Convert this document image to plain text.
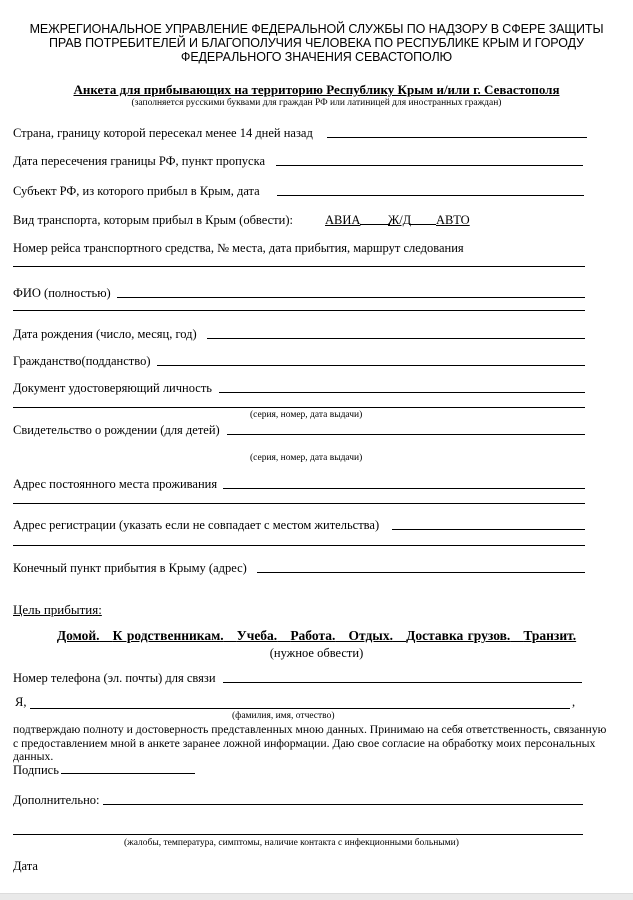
МЕЖРЕГИОНАЛЬНОЕ УПРАВЛЕНИЕ ФЕДЕРАЛЬНОЙ СЛУЖБЫ ПО НАДЗОРУ В СФЕРЕ ЗАЩИТЫ
ПРАВ ПОТРЕБИТЕЛЕЙ И БЛАГОПОЛУЧИЯ ЧЕЛОВЕКА ПО РЕСПУБЛИКЕ КРЫМ И ГОРОДУ
ФЕДЕРАЛЬНОГО ЗНАЧЕНИЯ СЕВАСТОПОЛЮ
Анкета для прибывающих на территорию Республику Крым и/или г. Севастополя
(заполняется русскими буквами для граждан РФ или латиницей для иностранных граждан)
Страна, границу которой пересекал менее 14 дней назад
Дата пересечения границы РФ, пункт пропуска
Субъект РФ, из которого прибыл в Крым, дата
Вид транспорта, которым прибыл в Крым (обвести):	АВИА Ж/Д АВТО
Номер рейса транспортного средства, № места, дата прибытия, маршрут следования
ФИО (полностью)
Дата рождения (число, месяц, год)
Гражданство(подданство)
Документ удостоверяющий личность
(серия, номер, дата выдачи)
Свидетельство о рождении (для детей)
(серия, номер, дата выдачи)
Адрес постоянного места проживания
Адрес регистрации (указать если не совпадает с местом жительства)
Конечный пункт прибытия в Крыму (адрес)
Цель прибытия:
Домой. К родственникам. Учеба. Работа. Отдых. Доставка грузов. Транзит.
(нужное обвести)
Номер телефона (эл. почты) для связи
Я,	,
(фамилия, имя, отчество)
подтверждаю полноту и достоверность представленных мною данных. Принимаю на себя ответственность, связанную
с предоставлением мной в анкете заранее ложной информации. Даю свое согласие на обработку моих персональных
данных.
Подпись
Дополнительно:
(жалобы, температура, симптомы, наличие контакта с инфекционными больными)
Дата
